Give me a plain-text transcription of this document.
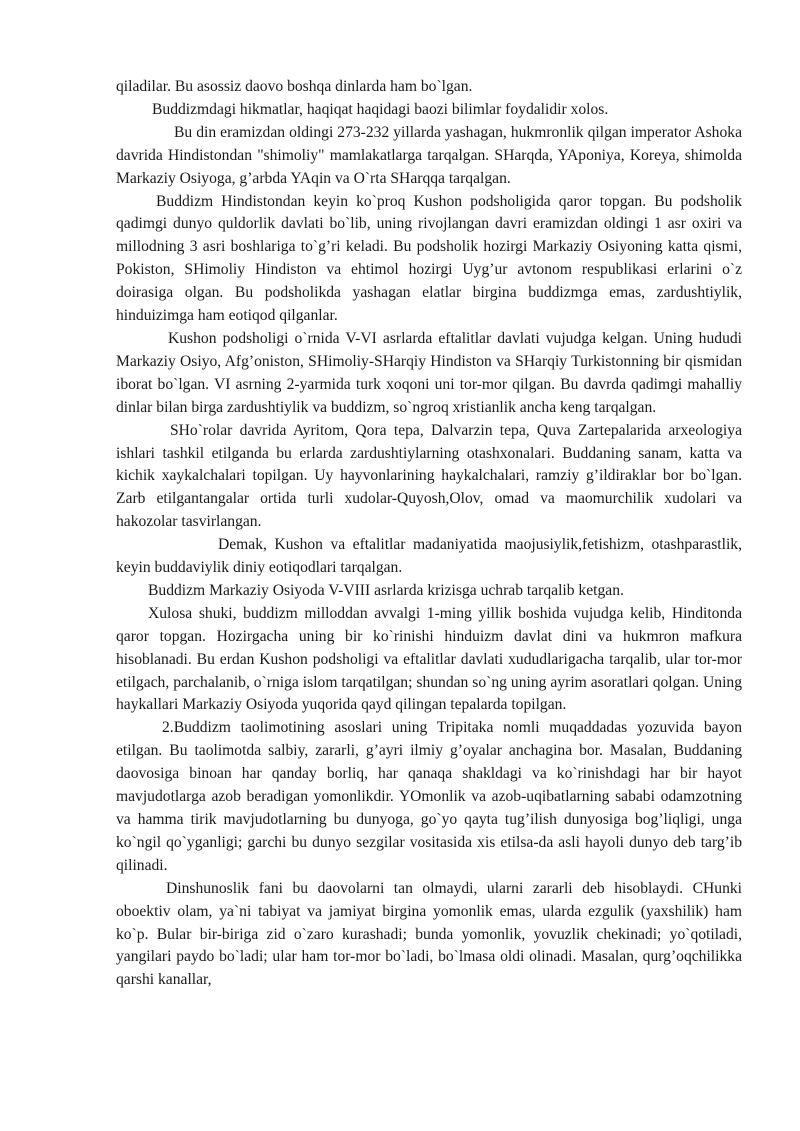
qiladilar. Bu asossiz daovo boshqa dinlarda ham bo`lgan.

Buddizmdagi hikmatlar, haqiqat haqidagi baozi bilimlar foydalidir xolos.

Bu din eramizdan oldingi 273-232 yillarda yashagan, hukmronlik qilgan imperator Ashoka davrida Hindistondan "shimoliy" mamlakatlarga tarqalgan. SHarqda, YAponiya, Koreya, shimolda Markaziy Osiyoga, g’arbda YAqin va O`rta SHarqqa tarqalgan.

Buddizm Hindistondan keyin ko`proq Kushon podsholigida qaror topgan. Bu podsholik qadimgi dunyo quldorlik davlati bo`lib, uning rivojlangan davri eramizdan oldingi 1 asr oxiri va millodning 3 asri boshlariga to`g’ri keladi. Bu podsholik hozirgi Markaziy Osiyoning katta qismi, Pokiston, SHimoliy Hindiston va ehtimol hozirgi Uyg’ur avtonom respublikasi erlarini o`z doirasiga olgan. Bu podsholikda yashagan elatlar birgina buddizmga emas, zardushtiylik, hinduizimga ham eotiqod qilganlar.

Kushon podsholigi o`rnida V-VI asrlarda eftalitlar davlati vujudga kelgan. Uning hududi Markaziy Osiyo, Afg’oniston, SHimoliy-SHarqiy Hindiston va SHarqiy Turkistonning bir qismidan iborat bo`lgan. VI asrning 2-yarmida turk xoqoni uni tor-mor qilgan. Bu davrda qadimgi mahalliy dinlar bilan birga zardushtiylik va buddizm, so`ngroq xristianlik ancha keng tarqalgan.

SHo`rolar davrida Ayritom, Qora tepa, Dalvarzin tepa, Quva Zartepalarida arxeologiya ishlari tashkil etilganda bu erlarda zardushtiylarning otashxonalari. Buddaning sanam, katta va kichik xaykalchalari topilgan. Uy hayvonlarining haykalchalari, ramziy g’ildiraklar bor bo`lgan. Zarb etilgantangalar ortida turli xudolar-Quyosh,Olov, omad va maomurchilik xudolari va hakozolar tasvirlangan.

Demak, Kushon va eftalitlar madaniyatida maojusiylik,fetishizm, otashparastlik, keyin buddaviylik diniy eotiqodlari tarqalgan.

Buddizm Markaziy Osiyoda V-VIII asrlarda krizisga uchrab tarqalib ketgan.

Xulosa shuki, buddizm milloddan avvalgi 1-ming yillik boshida vujudga kelib, Hinditonda qaror topgan. Hozirgacha uning bir ko`rinishi hinduizm davlat dini va hukmron mafkura hisoblanadi. Bu erdan Kushon podsholigi va eftalitlar davlati xududlarigacha tarqalib, ular tor-mor etilgach, parchalanib, o`rniga islom tarqatilgan; shundan so`ng uning ayrim asoratlari qolgan. Uning haykallari Markaziy Osiyoda yuqorida qayd qilingan tepalarda topilgan.

2.Buddizm taolimotining asoslari uning Tripitaka nomli muqaddadas yozuvida bayon etilgan. Bu taolimotda salbiy, zararli, g’ayri ilmiy g’oyalar anchagina bor. Masalan, Buddaning daovosiga binoan har qanday borliq, har qanaqa shakldagi va ko`rinishdagi har bir hayot mavjudotlarga azob beradigan yomonlikdir. YOmonlik va azob-uqibatlarning sababi odamzotning va hamma tirik mavjudotlarning bu dunyoga, go`yo qayta tug’ilish dunyosiga bog’liqligi, unga ko`ngil qo`yganligi; garchi bu dunyo sezgilar vositasida xis etilsa-da asli hayoli dunyo deb targ’ib qilinadi.

Dinshunoslik fani bu daovolarni tan olmaydi, ularni zararli deb hisoblaydi. CHunki oboektiv olam, ya`ni tabiyat va jamiyat birgina yomonlik emas, ularda ezgulik (yaxshilik) ham ko`p. Bular bir-biriga zid o`zaro kurashadi; bunda yomonlik, yovuzlik chekinadi; yo`qotiladi, yangilari paydo bo`ladi; ular ham tor-mor bo`ladi, bo`lmasa oldi olinadi. Masalan, qurg’oqchilikka qarshi kanallar,
